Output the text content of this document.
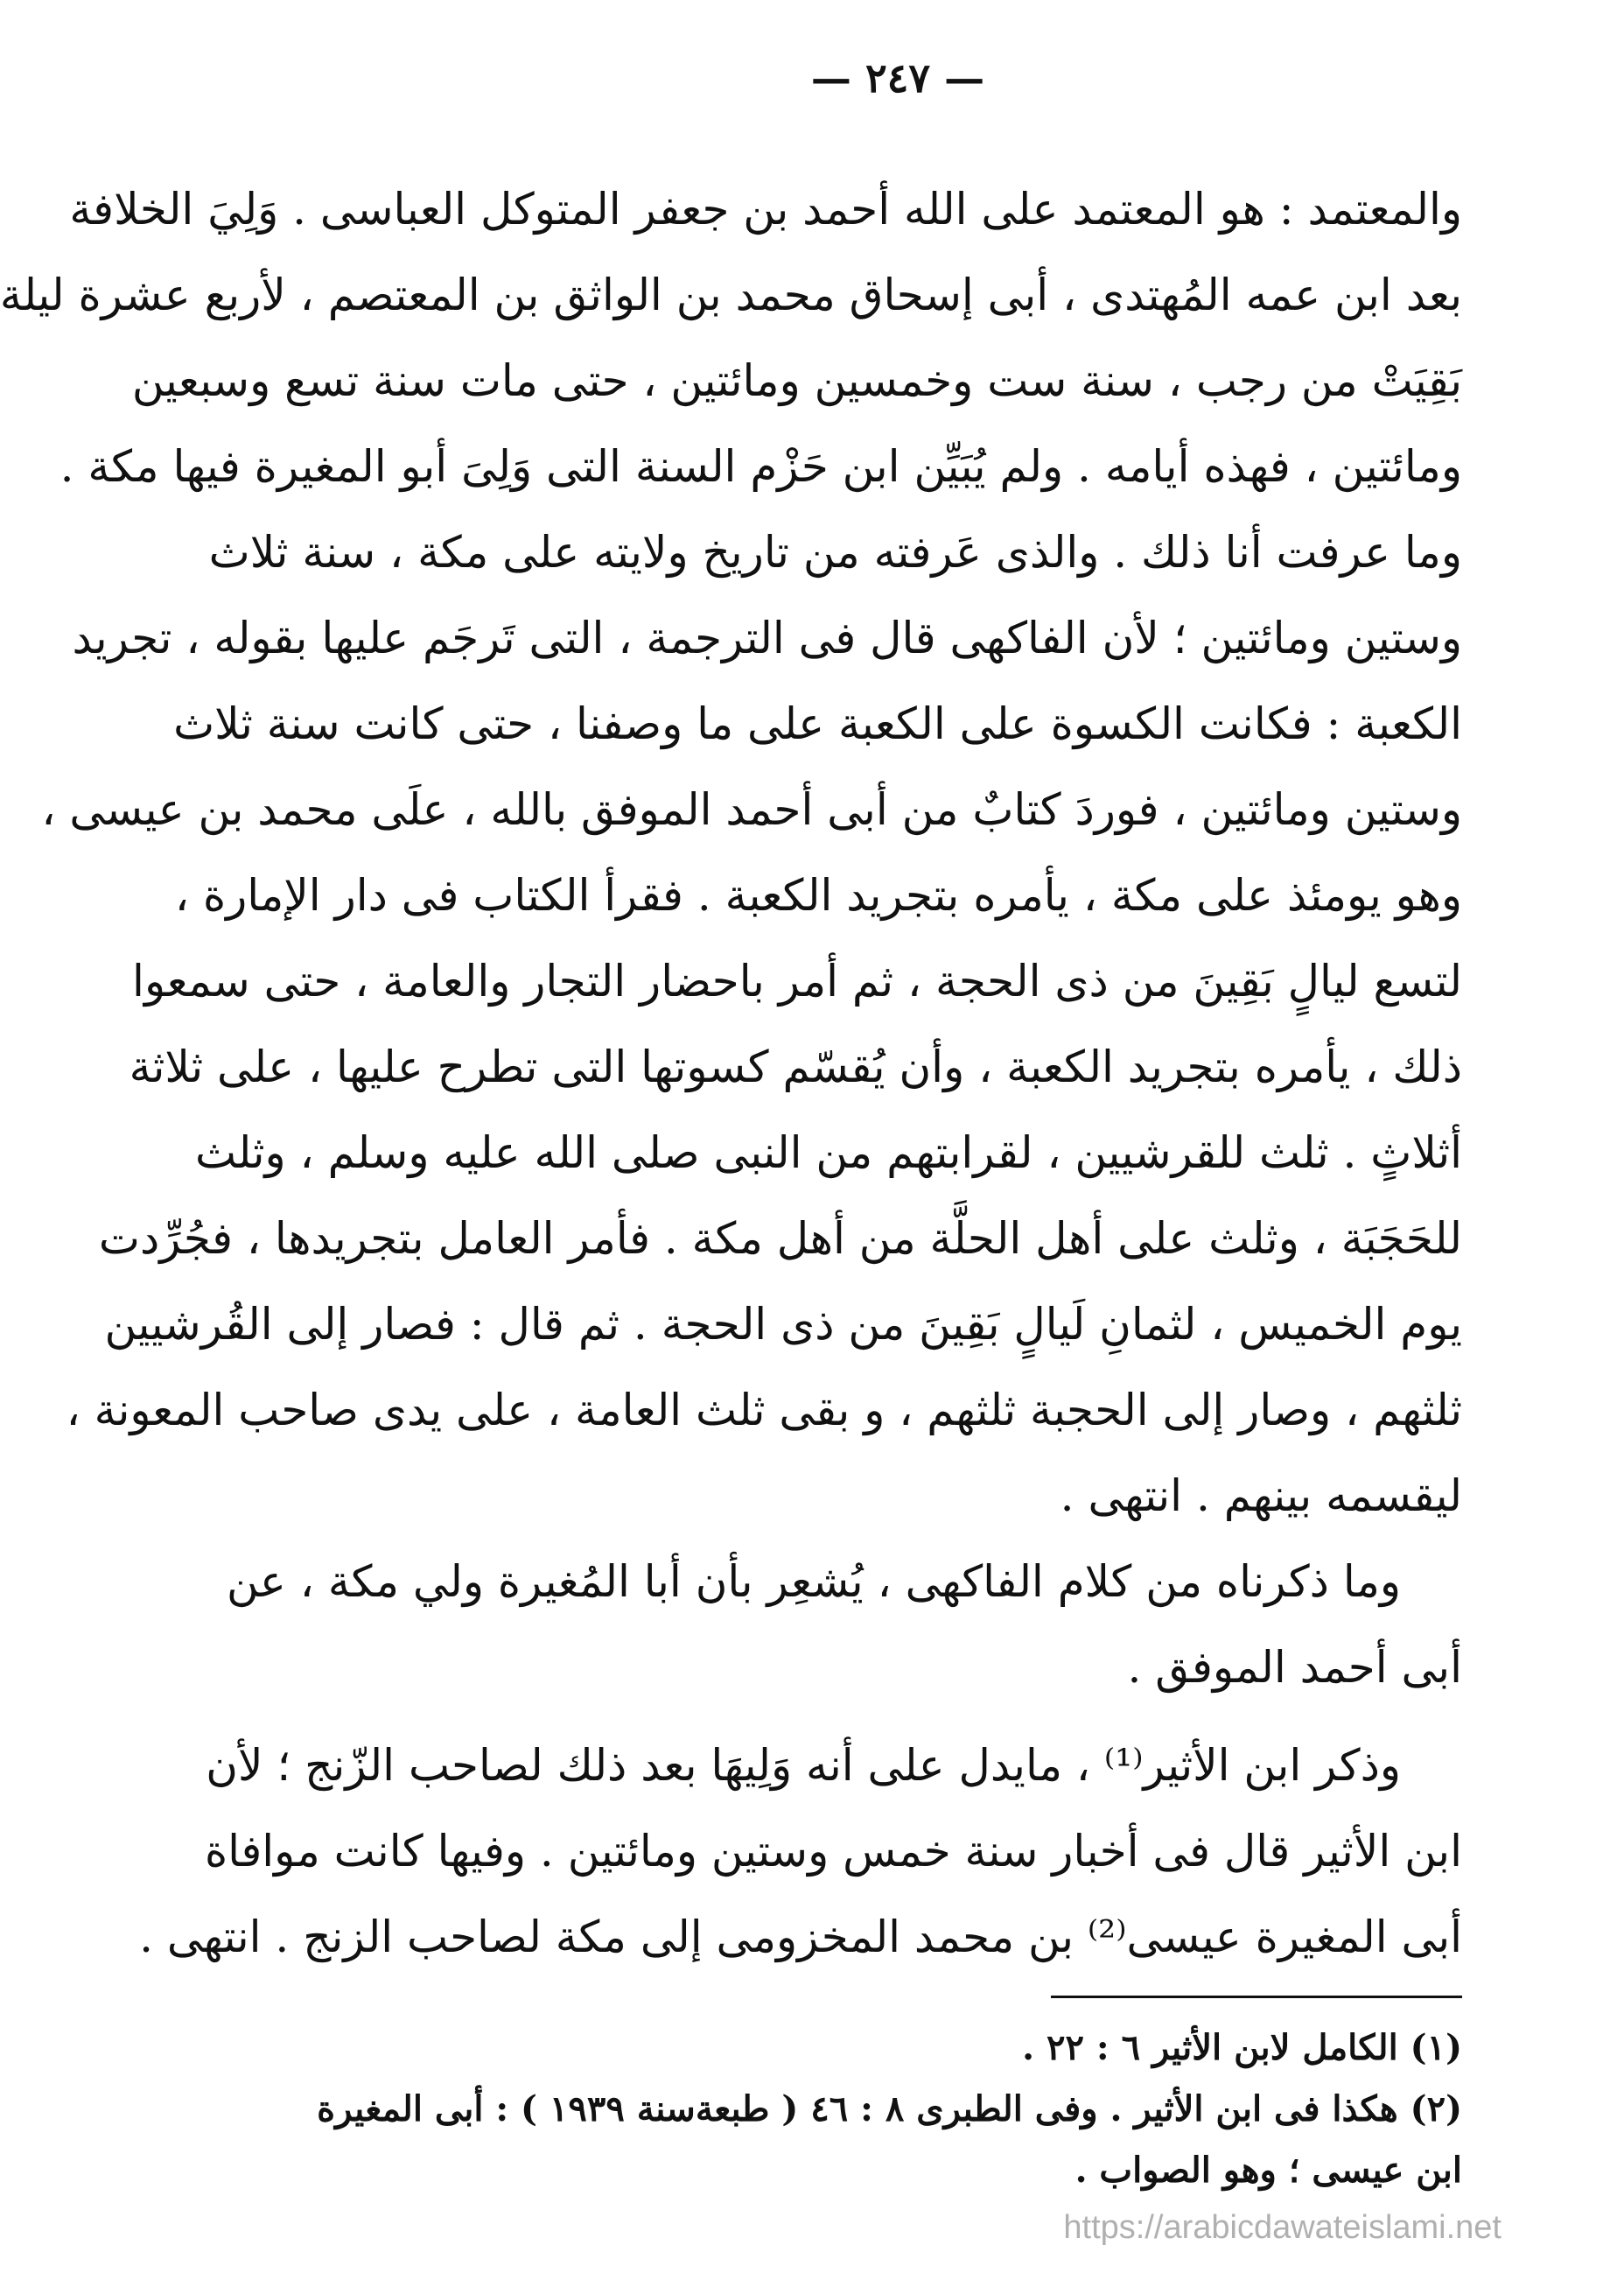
— ٢٤٧ —
والمعتمد : هو المعتمد على الله أحمد بن جعفر المتوكل العباسى . وَلِيَ الخلافة
بعد ابن عمه المُهتدى ، أبى إسحاق محمد بن الواثق بن المعتصم ، لأربع عشرة ليلة
بَقِيَتْ من رجب ، سنة ست وخمسين ومائتين ، حتى مات سنة تسع وسبعين
ومائتين ، فهذه أيامه . ولم يُبَيِّن ابن حَزْم السنة التى وَلِىَ أبو المغيرة فيها مكة .
وما عرفت أنا ذلك . والذى عَرفته من تاريخ ولايته على مكة ، سنة ثلاث
وستين ومائتين ؛ لأن الفاكهى قال فى الترجمة ، التى تَرجَم عليها بقوله ، تجريد
الكعبة : فكانت الكسوة على الكعبة على ما وصفنا ، حتى كانت سنة ثلاث
وستين ومائتين ، فوردَ كتابٌ من أبى أحمد الموفق بالله ، علَى محمد بن عيسى ،
وهو يومئذ على مكة ، يأمره بتجريد الكعبة . فقرأ الكتاب فى دار الإمارة ،
لتسع ليالٍ بَقِينَ من ذى الحجة ، ثم أمر باحضار التجار والعامة ، حتى سمعوا
ذلك ، يأمره بتجريد الكعبة ، وأن يُقسّم كسوتها التى تطرح عليها ، على ثلاثة
أثلاثٍ . ثلث للقرشيين ، لقرابتهم من النبى صلى الله عليه وسلم ، وثلث
للحَجَبَة ، وثلث على أهل الحلَّة من أهل مكة . فأمر العامل بتجريدها ، فجُرِّدت
يوم الخميس ، لثمانِ لَيالٍ بَقِينَ من ذى الحجة . ثم قال : فصار إلى القُرشيين
ثلثهم ، وصار إلى الحجبة ثلثهم ، و بقى ثلث العامة ، على يدى صاحب المعونة ،
ليقسمه بينهم . انتهى .
وما ذكرناه من كلام الفاكهى ، يُشعِر بأن أبا المُغيرة ولي مكة ، عن
أبى أحمد الموفق .
وذكر ابن الأثير⁽¹⁾ ، مايدل على أنه وَلِيهَا بعد ذلك لصاحب الزّنج ؛ لأن
ابن الأثير قال فى أخبار سنة خمس وستين ومائتين . وفيها كانت موافاة
أبى المغيرة عيسى⁽²⁾ بن محمد المخزومى إلى مكة لصاحب الزنج . انتهى .
(١) الكامل لابن الأثير ٦ : ٢٢ .
(٢) هكذا فى ابن الأثير . وفى الطبرى ٨ : ٤٦ ( طبعةسنة ١٩٣٩ ) : أبى المغيرة
ابن عيسى ؛ وهو الصواب .
https://arabicdawateislami.net
